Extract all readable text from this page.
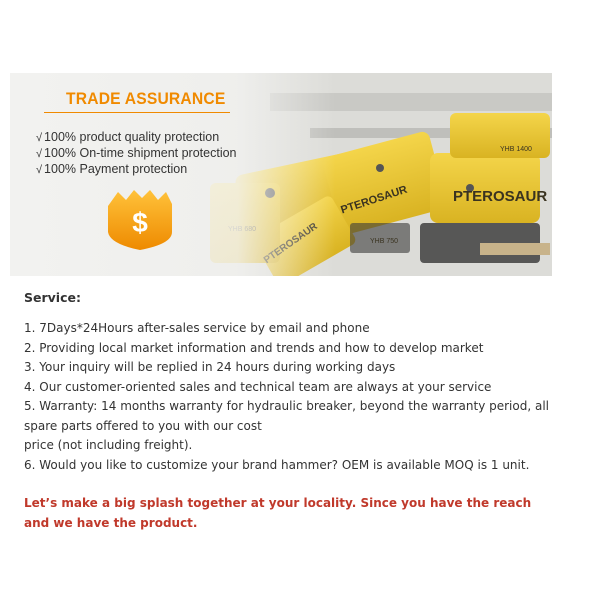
TRADE ASSURANCE
√ 100% product quality protection
√ 100% On-time shipment protection
√ 100% Payment protection
$
Service:
1. 7Days*24Hours after-sales service by email and phone
2. Providing local market information and trends and how to develop market
3. Your inquiry will be replied in 24 hours during working days
4. Our customer-oriented sales and technical team are always at your service
5. Warranty: 14 months warranty for hydraulic breaker, beyond the warranty period, all
spare parts offered to you with our cost
price (not including freight).
6. Would you like to customize your brand hammer? OEM is available MOQ is 1 unit.
Let’s make a big splash together at your locality. Since you have the reach and we have the product.
